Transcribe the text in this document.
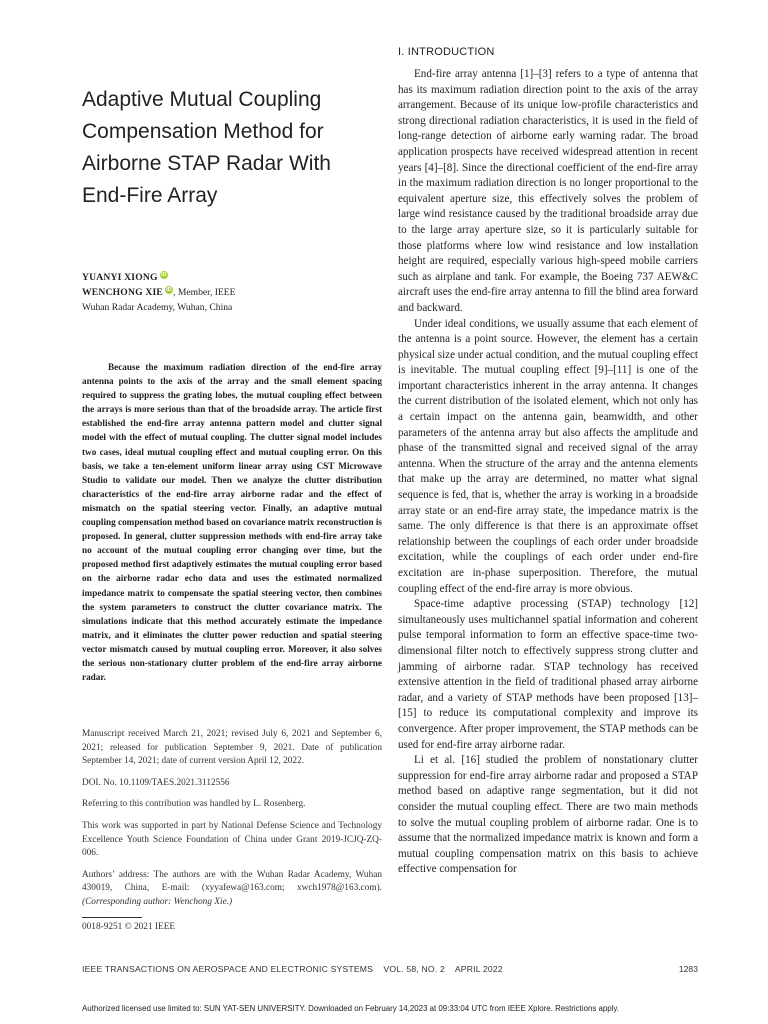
Adaptive Mutual Coupling Compensation Method for Airborne STAP Radar With End-Fire Array
YUANYI XIONG iD
WENCHONG XIE iD, Member, IEEE
Wuhan Radar Academy, Wuhan, China

Because the maximum radiation direction of the end-fire array antenna points to the axis of the array and the small element spacing required to suppress the grating lobes, the mutual coupling effect between the arrays is more serious than that of the broadside array. The article first established the end-fire array antenna pattern model and clutter signal model with the effect of mutual coupling. The clutter signal model includes two cases, ideal mutual coupling effect and mutual coupling error. On this basis, we take a ten-element uniform linear array using CST Microwave Studio to validate our model. Then we analyze the clutter distribution characteristics of the end-fire array airborne radar and the effect of mismatch on the spatial steering vector. Finally, an adaptive mutual coupling compensation method based on covariance matrix reconstruction is proposed. In general, clutter suppression methods with end-fire array take no account of the mutual coupling error changing over time, but the proposed method first adaptively estimates the mutual coupling error based on the airborne radar echo data and uses the estimated normalized impedance matrix to compensate the spatial steering vector, then combines the system parameters to construct the clutter covariance matrix. The simulations indicate that this method accurately estimate the impedance matrix, and it eliminates the clutter power reduction and spatial steering vector mismatch caused by mutual coupling error. Moreover, it also solves the serious non-stationary clutter problem of the end-fire array airborne radar.

Manuscript received March 21, 2021; revised July 6, 2021 and September 6, 2021; released for publication September 9, 2021. Date of publication September 14, 2021; date of current version April 12, 2022.

DOI. No. 10.1109/TAES.2021.3112556

Referring to this contribution was handled by L. Rosenberg.

This work was supported in part by National Defense Science and Technology Excellence Youth Science Foundation of China under Grant 2019-JCJQ-ZQ-006.

Authors’ address: The authors are with the Wuhan Radar Academy, Wuhan 430019, China, E-mail: (xyyafewa@163.com; xwch1978@163.com). (Corresponding author: Wenchong Xie.)

0018-9251 © 2021 IEEE
I. INTRODUCTION

End-fire array antenna [1]–[3] refers to a type of antenna that has its maximum radiation direction point to the axis of the array arrangement. Because of its unique low-profile characteristics and strong directional radiation characteristics, it is used in the field of long-range detection of airborne early warning radar. The broad application prospects have received widespread attention in recent years [4]–[8]. Since the directional coefficient of the end-fire array in the maximum radiation direction is no longer proportional to the equivalent aperture size, this effectively solves the problem of large wind resistance caused by the traditional broadside array due to the large array aperture size, so it is particularly suitable for those platforms where low wind resistance and low installation height are required, especially various high-speed mobile carriers such as airplane and tank. For example, the Boeing 737 AEW&C aircraft uses the end-fire array antenna to fill the blind area forward and backward.

Under ideal conditions, we usually assume that each element of the antenna is a point source. However, the element has a certain physical size under actual condition, and the mutual coupling effect is inevitable. The mutual coupling effect [9]–[11] is one of the important characteristics inherent in the array antenna. It changes the current distribution of the isolated element, which not only has a certain impact on the antenna gain, beamwidth, and other parameters of the antenna array but also affects the amplitude and phase of the transmitted signal and received signal of the array antenna. When the structure of the array and the antenna elements that make up the array are determined, no matter what signal sequence is fed, that is, whether the array is working in a broadside array state or an end-fire array state, the impedance matrix is the same. The only difference is that there is an approximate offset relationship between the couplings of each order under broadside excitation, while the couplings of each order under end-fire excitation are in-phase superposition. Therefore, the mutual coupling effect of the end-fire array is more obvious.

Space-time adaptive processing (STAP) technology [12] simultaneously uses multichannel spatial information and coherent pulse temporal information to form an effective space-time two-dimensional filter notch to effectively suppress strong clutter and jamming of airborne radar. STAP technology has received extensive attention in the field of traditional phased array airborne radar, and a variety of STAP methods have been proposed [13]–[15] to reduce its computational complexity and improve its convergence. After proper improvement, the STAP methods can be used for end-fire array airborne radar.

Li et al. [16] studied the problem of nonstationary clutter suppression for end-fire array airborne radar and proposed a STAP method based on adaptive range segmentation, but it did not consider the mutual coupling effect. There are two main methods to solve the mutual coupling problem of airborne radar. One is to assume that the normalized impedance matrix is known and form a mutual coupling compensation matrix on this basis to achieve effective compensation for

IEEE TRANSACTIONS ON AEROSPACE AND ELECTRONIC SYSTEMS    VOL. 58, NO. 2    APRIL 2022	1283
Authorized licensed use limited to: SUN YAT-SEN UNIVERSITY. Downloaded on February 14,2023 at 09:33:04 UTC from IEEE Xplore. Restrictions apply.
